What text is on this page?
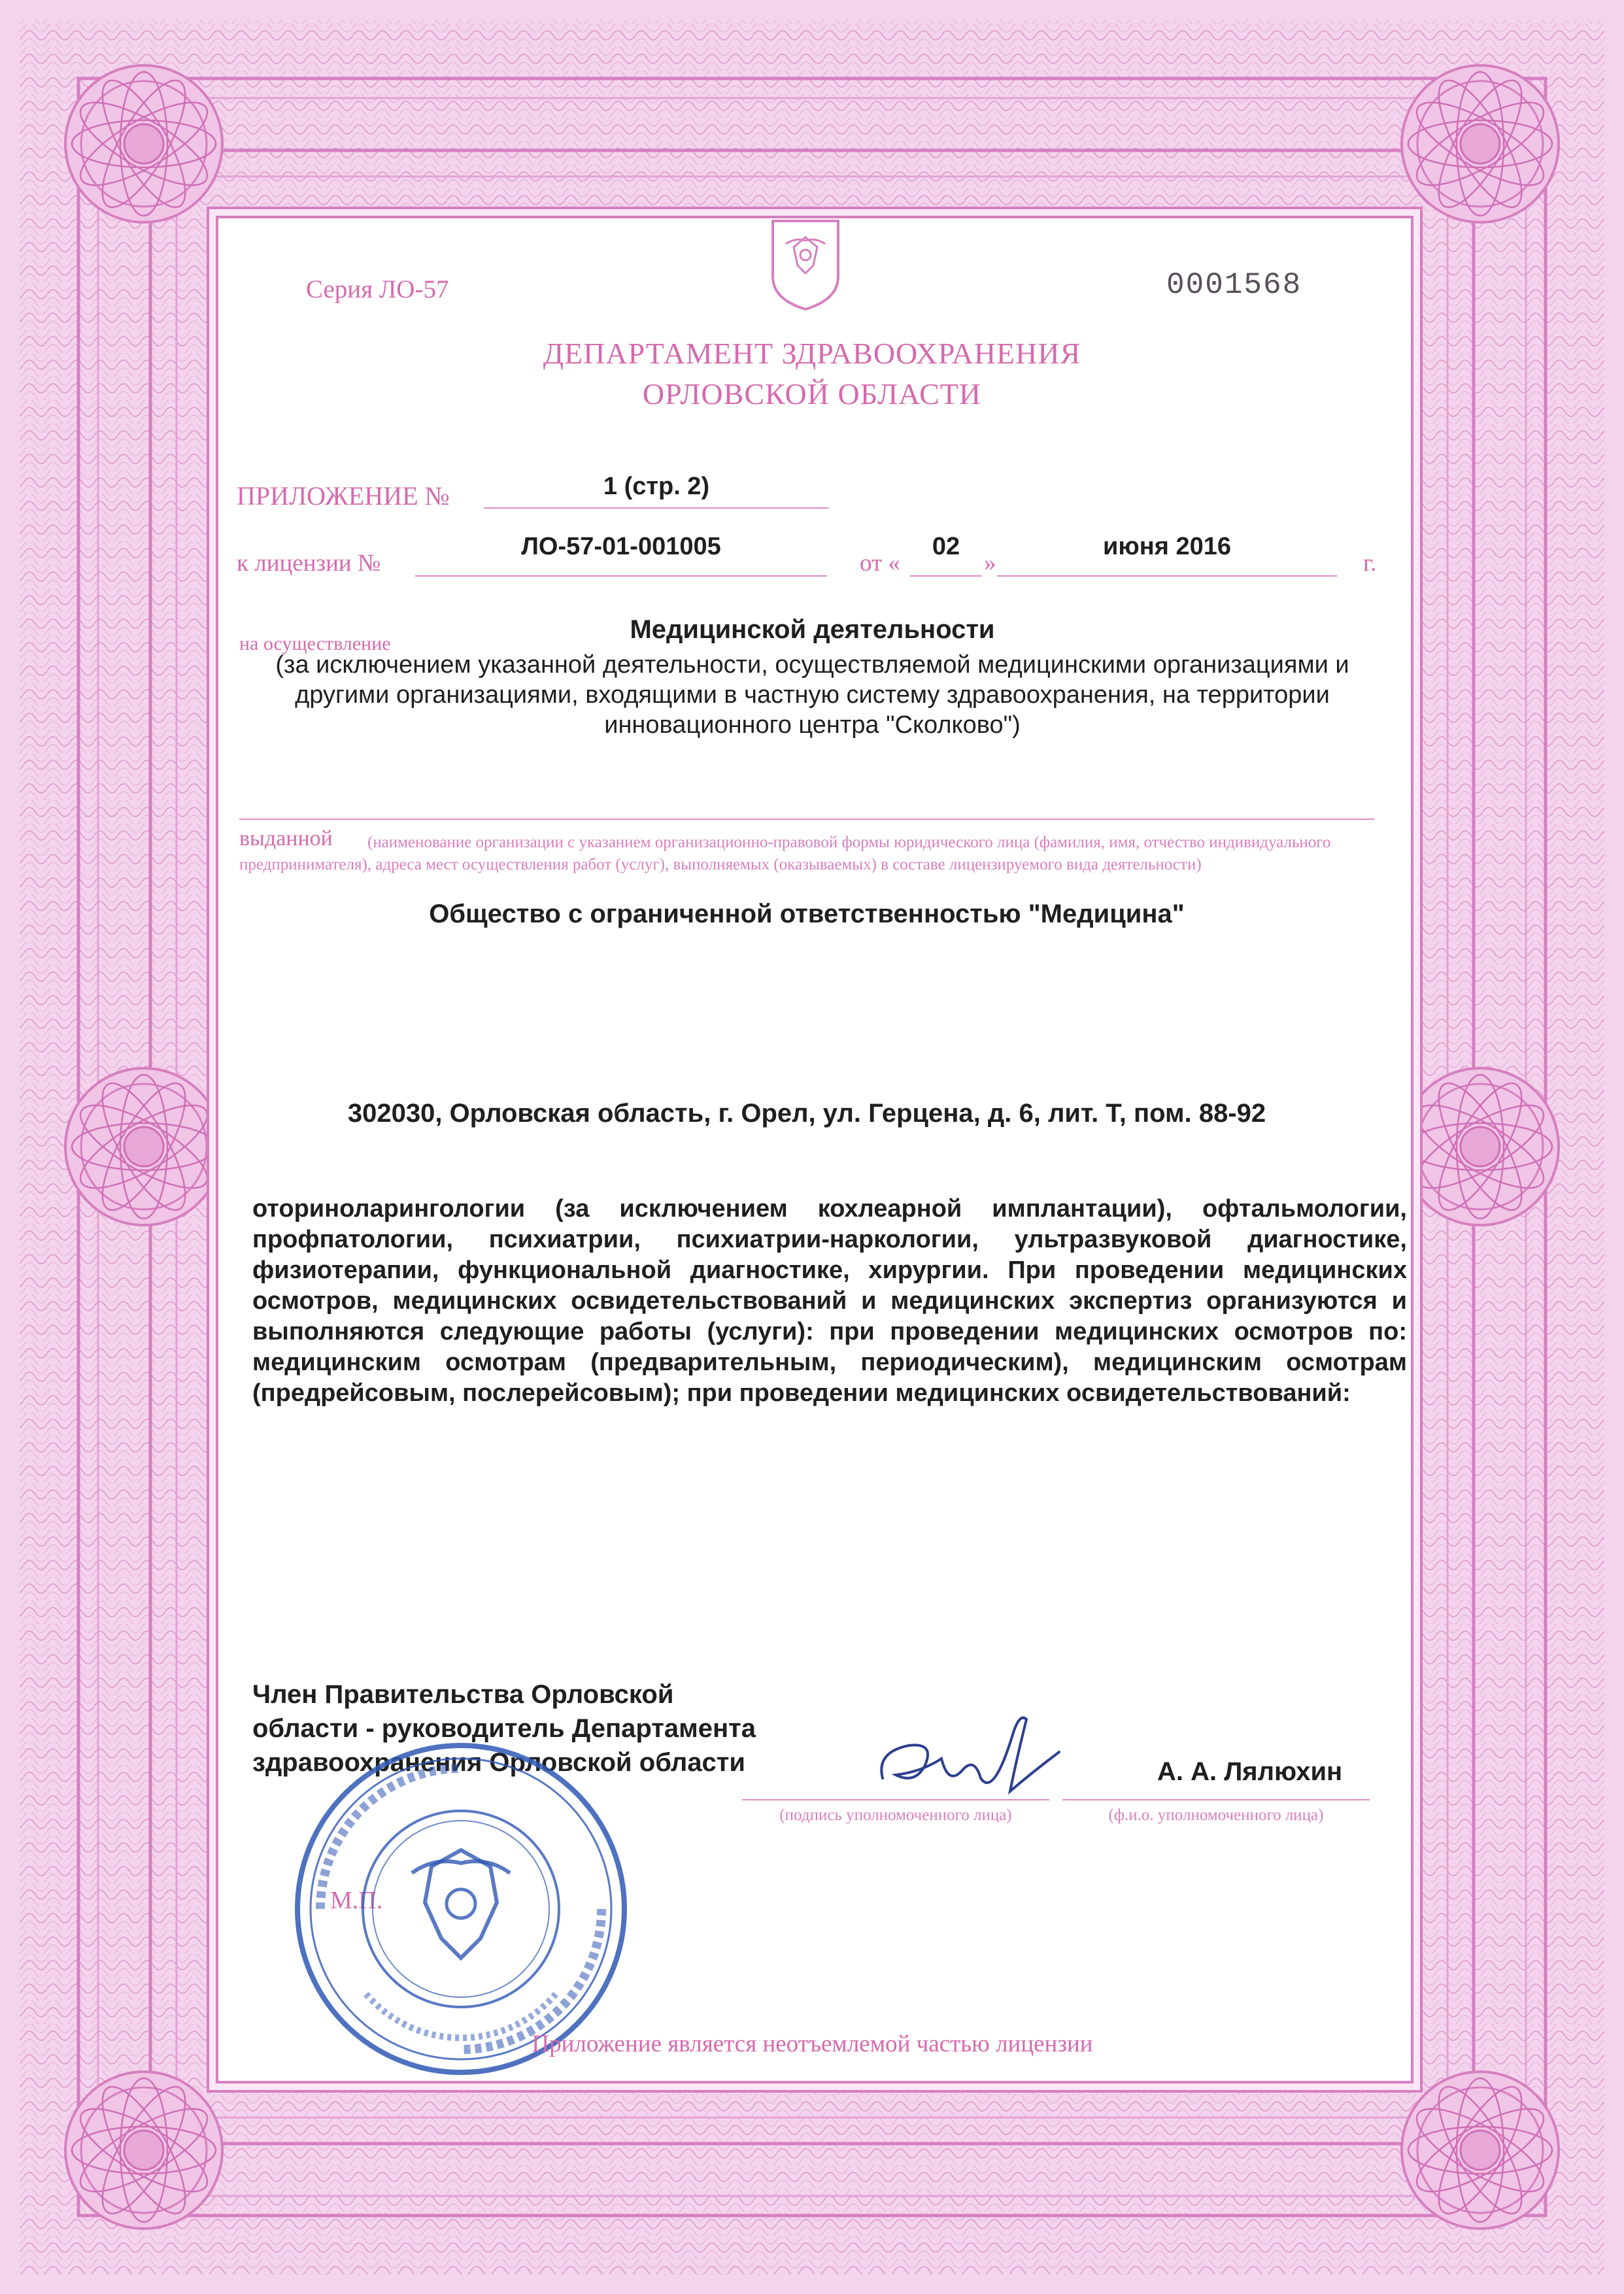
Серия ЛО-57	0001568
ДЕПАРТАМЕНТ ЗДРАВООХРАНЕНИЯ
ОРЛОВСКОЙ ОБЛАСТИ
ПРИЛОЖЕНИЕ №	1 (стр. 2)
к лицензии №
ЛО-57-01-001005
от «
02
»
июня 2016
г.
на осуществление	Медицинской деятельности
(за исключением указанной деятельности, осуществляемой медицинскими организациями и другими организациями, входящими в частную систему здравоохранения, на территории инновационного центра "Сколково")
выданной	(наименование организации с указанием организационно-правовой формы юридического лица (фамилия, имя, отчество индивидуального предпринимателя), адреса мест осуществления работ (услуг), выполняемых (оказываемых) в составе лицензируемого вида деятельности)
Общество с ограниченной ответственностью "Медицина"
302030, Орловская область, г. Орел, ул. Герцена, д. 6, лит. Т, пом. 88-92
оториноларингологии (за исключением кохлеарной имплантации), офтальмологии, профпатологии, психиатрии, психиатрии-наркологии, ультразвуковой диагностике, физиотерапии, функциональной диагностике, хирургии. При проведении медицинских осмотров, медицинских освидетельствований и медицинских экспертиз организуются и выполняются следующие работы (услуги): при проведении медицинских осмотров по: медицинским осмотрам (предварительным, периодическим), медицинским осмотрам (предрейсовым, послерейсовым); при проведении медицинских освидетельствований:
Член Правительства Орловской
области - руководитель Департамента
здравоохранения Орловской области	А. А. Лялюхин
(подпись уполномоченного лица)	(ф.и.о. уполномоченного лица)
М.П.
Приложение является неотъемлемой частью лицензии
